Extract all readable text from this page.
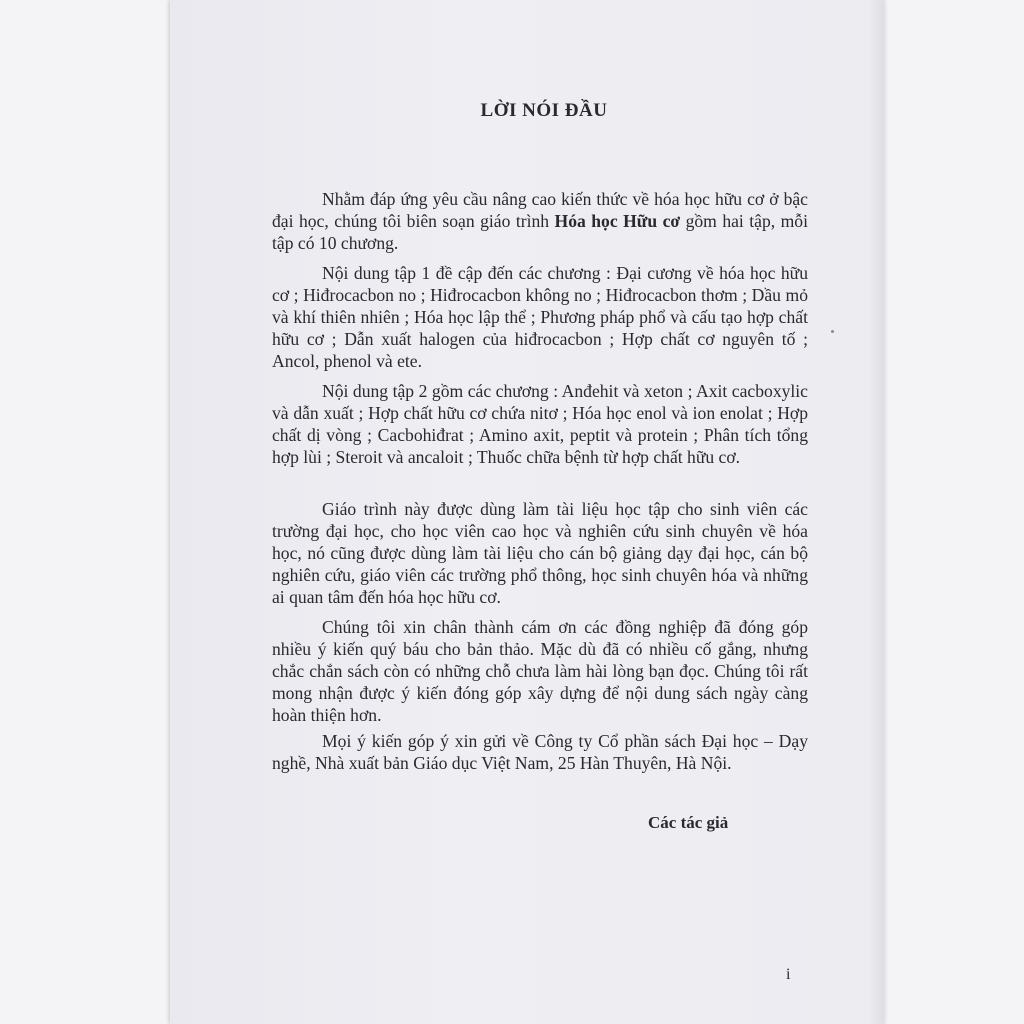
LỜI NÓI ĐẦU

Nhằm đáp ứng yêu cầu nâng cao kiến thức về hóa học hữu cơ ở bậc đại học, chúng tôi biên soạn giáo trình Hóa học Hữu cơ gồm hai tập, mỗi tập có 10 chương.

Nội dung tập 1 đề cập đến các chương : Đại cương về hóa học hữu cơ ; Hiđrocacbon no ; Hiđrocacbon không no ; Hiđrocacbon thơm ; Dầu mỏ và khí thiên nhiên ; Hóa học lập thể ; Phương pháp phổ và cấu tạo hợp chất hữu cơ ; Dẫn xuất halogen của hiđrocacbon ; Hợp chất cơ nguyên tố ; Ancol, phenol và ete.

Nội dung tập 2 gồm các chương : Anđehit và xeton ; Axit cacboxylic và dẫn xuất ; Hợp chất hữu cơ chứa nitơ ; Hóa học enol và ion enolat ; Hợp chất dị vòng ; Cacbohiđrat ; Amino axit, peptit và protein ; Phân tích tổng hợp lùi ; Steroit và ancaloit ; Thuốc chữa bệnh từ hợp chất hữu cơ.

Giáo trình này được dùng làm tài liệu học tập cho sinh viên các trường đại học, cho học viên cao học và nghiên cứu sinh chuyên về hóa học, nó cũng được dùng làm tài liệu cho cán bộ giảng dạy đại học, cán bộ nghiên cứu, giáo viên các trường phổ thông, học sinh chuyên hóa và những ai quan tâm đến hóa học hữu cơ.

Chúng tôi xin chân thành cám ơn các đồng nghiệp đã đóng góp nhiều ý kiến quý báu cho bản thảo. Mặc dù đã có nhiều cố gắng, nhưng chắc chắn sách còn có những chỗ chưa làm hài lòng bạn đọc. Chúng tôi rất mong nhận được ý kiến đóng góp xây dựng để nội dung sách ngày càng hoàn thiện hơn.

Mọi ý kiến góp ý xin gửi về Công ty Cổ phần sách Đại học – Dạy nghề, Nhà xuất bản Giáo dục Việt Nam, 25 Hàn Thuyên, Hà Nội.

Các tác giả
i
